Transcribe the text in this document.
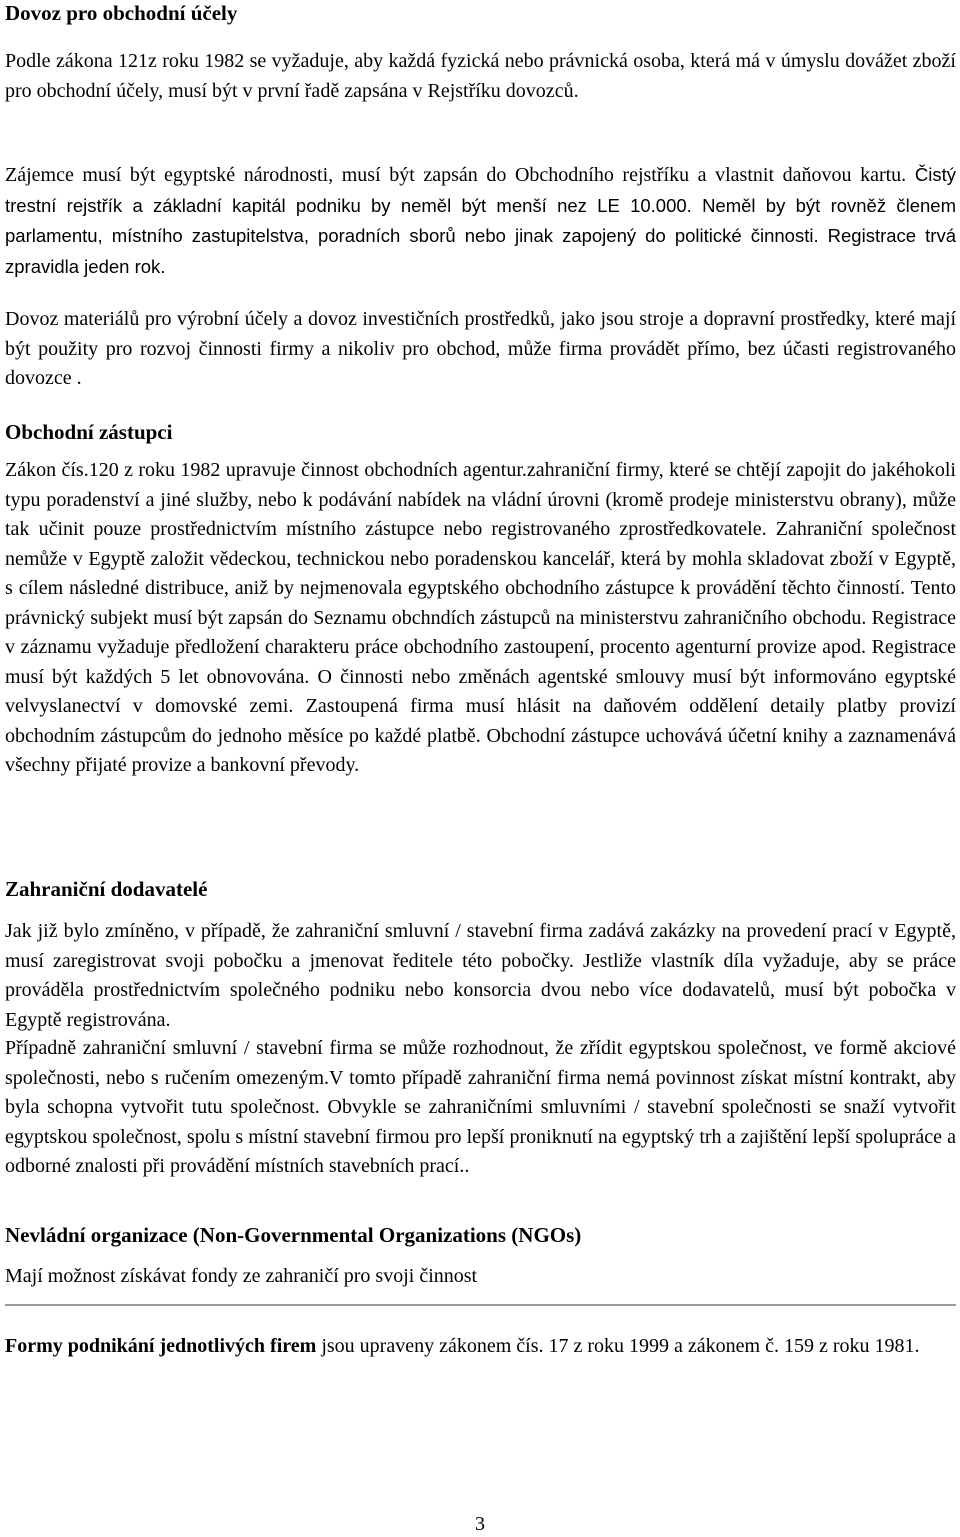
Dovoz pro obchodní účely

Podle zákona 121z roku 1982 se vyžaduje, aby každá fyzická nebo právnická osoba, která má v úmyslu dovážet zboží pro obchodní účely, musí být v první řadě zapsána v Rejstříku dovozců.

Zájemce musí být egyptské národnosti, musí být zapsán do Obchodního rejstříku a vlastnit daňovou kartu. Čistý trestní rejstřík a základní kapitál podniku by neměl být menší nez LE 10.000. Neměl by být rovněž členem parlamentu, místního zastupitelstva, poradních sborů nebo jinak zapojený do politické činnosti. Registrace trvá zpravidla jeden rok.

Dovoz materiálů pro výrobní účely a dovoz investičních prostředků, jako jsou stroje a dopravní prostředky, které mají být použity pro rozvoj činnosti firmy a nikoliv pro obchod, může firma provádět přímo, bez účasti registrovaného dovozce .

Obchodní zástupci

Zákon čís.120 z roku 1982 upravuje činnost obchodních agentur.zahraniční firmy, které se chtějí zapojit do jakéhokoli typu poradenství a jiné služby, nebo k podávání nabídek na vládní úrovni (kromě prodeje ministerstvu obrany), může tak učinit pouze prostřednictvím místního zástupce nebo registrovaného zprostředkovatele. Zahraniční společnost nemůže v Egyptě založit vědeckou, technickou nebo poradenskou kancelář, která by mohla skladovat zboží v Egyptě, s cílem následné distribuce, aniž by nejmenovala egyptského obchodního zástupce k provádění těchto činností. Tento právnický subjekt musí být zapsán do Seznamu obchndích zástupců na ministerstvu zahraničního obchodu. Registrace v záznamu vyžaduje předložení charakteru práce obchodního zastoupení, procento agenturní provize apod. Registrace musí být každých 5 let obnovována. O činnosti nebo změnách agentské smlouvy musí být informováno egyptské velvyslanectví v domovské zemi. Zastoupená firma musí hlásit na daňovém oddělení detaily platby provizí obchodním zástupcům do jednoho měsíce po každé platbě. Obchodní zástupce uchovává účetní knihy a zaznamenává všechny přijaté provize a bankovní převody.

Zahraniční dodavatelé

Jak již bylo zmíněno, v případě, že zahraniční smluvní / stavební firma zadává zakázky na provedení prací v Egyptě, musí zaregistrovat svoji pobočku a jmenovat ředitele této pobočky. Jestliže vlastník díla vyžaduje, aby se práce prováděla prostřednictvím společného podniku nebo konsorcia dvou nebo více dodavatelů, musí být pobočka v Egyptě registrována.

Případně zahraniční smluvní / stavební firma se může rozhodnout, že zřídit egyptskou společnost, ve formě akciové společnosti, nebo s ručením omezeným.V tomto případě zahraniční firma nemá povinnost získat místní kontrakt, aby byla schopna vytvořit tutu společnost. Obvykle se zahraničními smluvními / stavební společnosti se snaží vytvořit egyptskou společnost, spolu s místní stavební firmou pro lepší proniknutí na egyptský trh a zajištění lepší spolupráce a odborné znalosti při provádění místních stavebních prací..

Nevládní organizace (Non-Governmental Organizations (NGOs)

Mají možnost získávat fondy ze zahraničí pro svoji činnost

Formy podnikání jednotlivých firem jsou upraveny zákonem čís. 17 z roku 1999 a zákonem č. 159 z roku 1981.

3
